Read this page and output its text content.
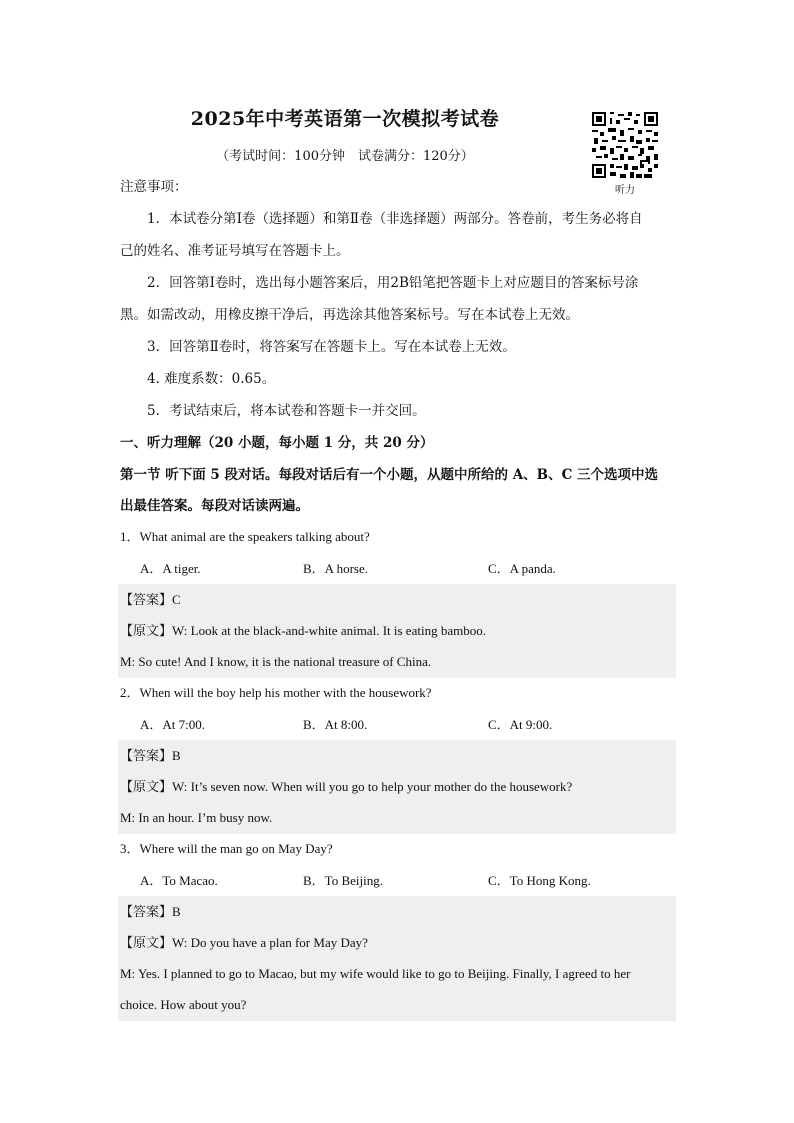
2025年中考英语第一次模拟考试卷
（考试时间：100分钟　试卷满分：120分）
听力
注意事项：
1．本试卷分第Ⅰ卷（选择题）和第Ⅱ卷（非选择题）两部分。答卷前，考生务必将自
己的姓名、准考证号填写在答题卡上。
2．回答第Ⅰ卷时，选出每小题答案后，用2B铅笔把答题卡上对应题目的答案标号涂
黑。如需改动，用橡皮擦干净后，再选涂其他答案标号。写在本试卷上无效。
3．回答第Ⅱ卷时，将答案写在答题卡上。写在本试卷上无效。
4. 难度系数：0.65。
5．考试结束后，将本试卷和答题卡一并交回。
一、听力理解（20 小题，每小题 1 分，共 20 分）
第一节 听下面 5 段对话。每段对话后有一个小题，从题中所给的 A、B、C 三个选项中选
出最佳答案。每段对话读两遍。
1．What animal are the speakers talking about?
A．A tiger.	B．A horse.	C．A panda.
【答案】C
【原文】W: Look at the black-and-white animal. It is eating bamboo.
M: So cute! And I know, it is the national treasure of China.
2．When will the boy help his mother with the housework?
A．At 7:00.	B．At 8:00.	C．At 9:00.
【答案】B
【原文】W: It’s seven now. When will you go to help your mother do the housework?
M: In an hour. I’m busy now.
3．Where will the man go on May Day?
A．To Macao.	B．To Beijing.	C．To Hong Kong.
【答案】B
【原文】W: Do you have a plan for May Day?
M: Yes. I planned to go to Macao, but my wife would like to go to Beijing. Finally, I agreed to her
choice. How about you?
